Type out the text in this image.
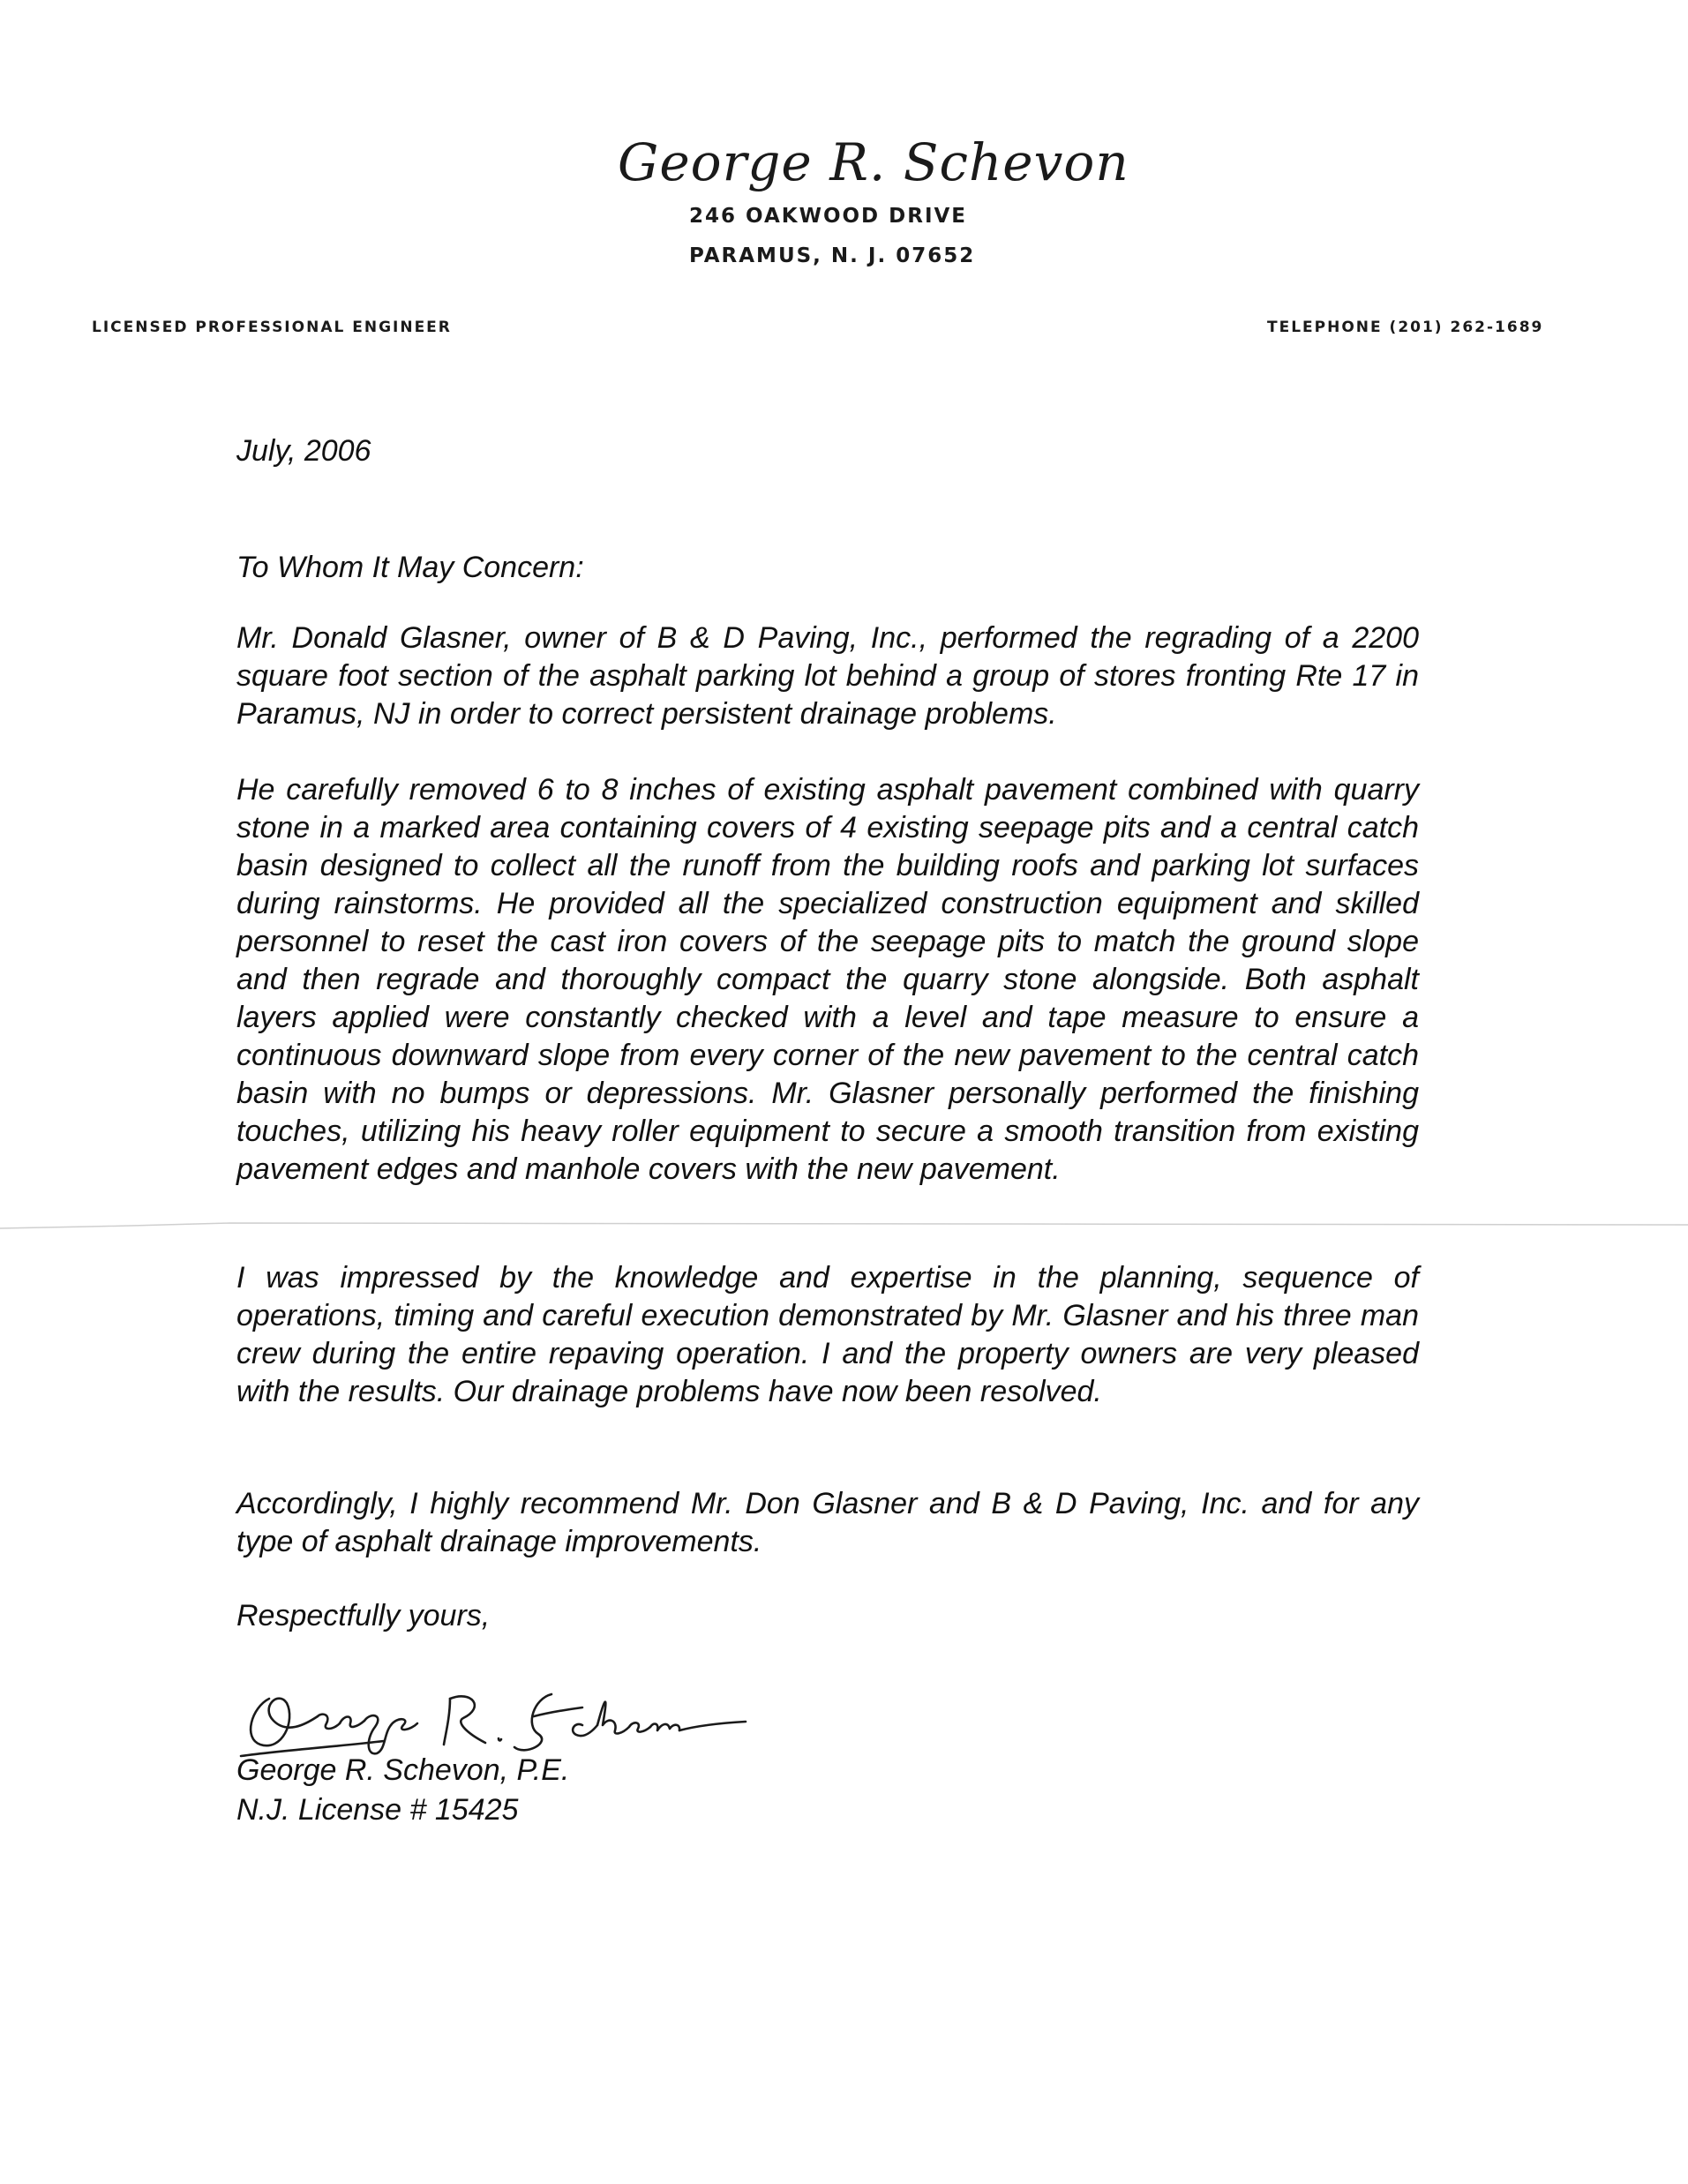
George R. Schevon
246 OAKWOOD DRIVE
PARAMUS, N. J. 07652
LICENSED PROFESSIONAL ENGINEER	TELEPHONE (201) 262-1689
July, 2006
To Whom It May Concern:
Mr. Donald Glasner, owner of B & D Paving, Inc., performed the regrading of a 2200 square foot section of the asphalt parking lot behind a group of stores fronting Rte 17 in Paramus, NJ in order to correct persistent drainage problems.
He carefully removed 6 to 8 inches of existing asphalt pavement combined with quarry stone in a marked area containing covers of 4 existing seepage pits and a central catch basin designed to collect all the runoff from the building roofs and parking lot surfaces during rainstorms. He provided all the specialized construction equipment and skilled personnel to reset the cast iron covers of the seepage pits to match the ground slope and then regrade and thoroughly compact the quarry stone alongside. Both asphalt layers applied were constantly checked with a level and tape measure to ensure a continuous downward slope from every corner of the new pavement to the central catch basin with no bumps or depressions. Mr. Glasner personally performed the finishing touches, utilizing his heavy roller equipment to secure a smooth transition from existing pavement edges and manhole covers with the new pavement.
I was impressed by the knowledge and expertise in the planning, sequence of operations, timing and careful execution demonstrated by Mr. Glasner and his three man crew during the entire repaving operation. I and the property owners are very pleased with the results. Our drainage problems have now been resolved.
Accordingly, I highly recommend Mr. Don Glasner and B & D Paving, Inc. and for any type of asphalt drainage improvements.
Respectfully yours,
George R. Schevon, P.E.
N.J. License # 15425
